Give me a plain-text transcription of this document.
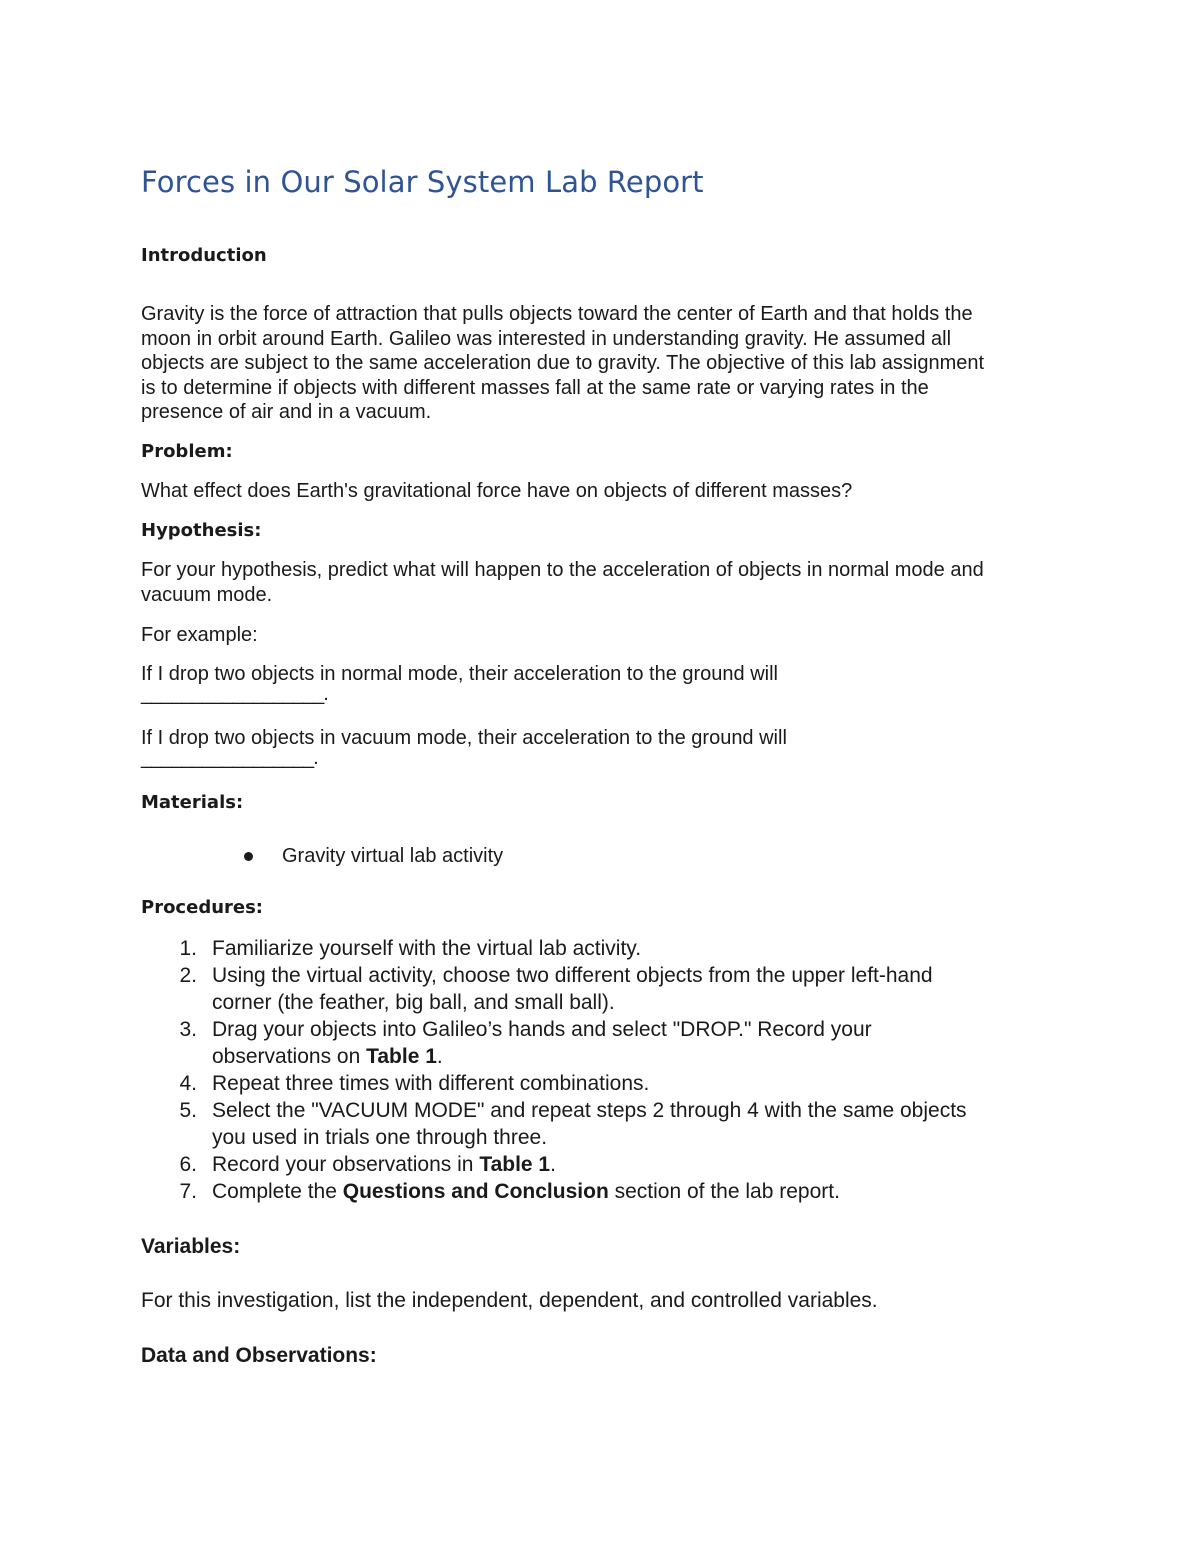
Forces in Our Solar System Lab Report
Introduction
Gravity is the force of attraction that pulls objects toward the center of Earth and that holds the
moon in orbit around Earth. Galileo was interested in understanding gravity. He assumed all
objects are subject to the same acceleration due to gravity. The objective of this lab assignment
is to determine if objects with different masses fall at the same rate or varying rates in the
presence of air and in a vacuum.
Problem:
What effect does Earth's gravitational force have on objects of different masses?
Hypothesis:
For your hypothesis, predict what will happen to the acceleration of objects in normal mode and
vacuum mode.
For example:
If I drop two objects in normal mode, their acceleration to the ground will
__________________.
If I drop two objects in vacuum mode, their acceleration to the ground will
_________________.
Materials:
Gravity virtual lab activity
Procedures:
1. Familiarize yourself with the virtual lab activity.
2. Using the virtual activity, choose two different objects from the upper left-hand
corner (the feather, big ball, and small ball).
3. Drag your objects into Galileo’s hands and select "DROP." Record your
observations on Table 1.
4. Repeat three times with different combinations.
5. Select the "VACUUM MODE" and repeat steps 2 through 4 with the same objects
you used in trials one through three.
6. Record your observations in Table 1.
7. Complete the Questions and Conclusion section of the lab report.
Variables:
For this investigation, list the independent, dependent, and controlled variables.
Data and Observations:
